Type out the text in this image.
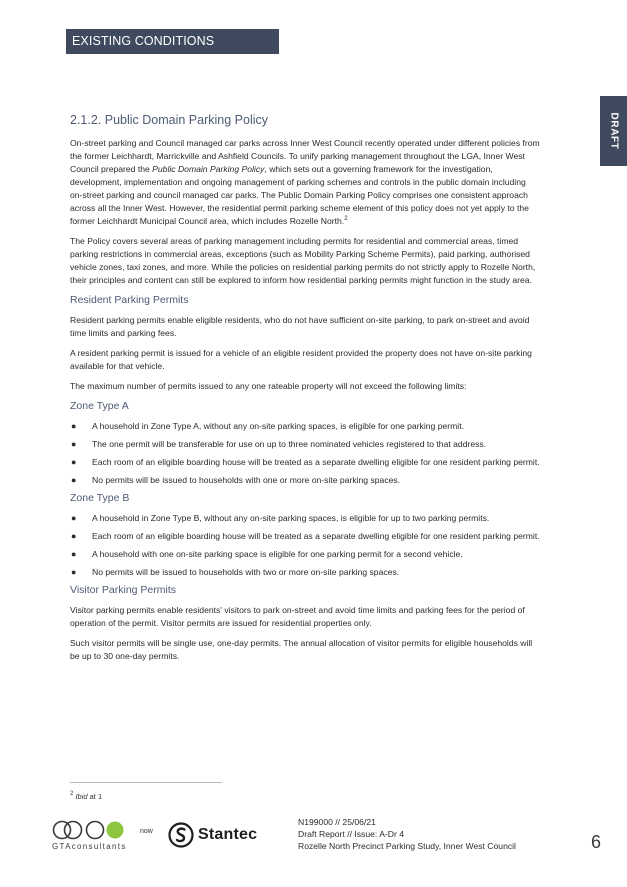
EXISTING CONDITIONS
DRAFT
2.1.2. Public Domain Parking Policy

On-street parking and Council managed car parks across Inner West Council recently operated under different policies from the former Leichhardt, Marrickville and Ashfield Councils. To unify parking management throughout the LGA, Inner West Council prepared the Public Domain Parking Policy, which sets out a governing framework for the investigation, development, implementation and ongoing management of parking schemes and controls in the public domain including on-street parking and council managed car parks. The Public Domain Parking Policy comprises one consistent approach across all the Inner West. However, the residential permit parking scheme element of this policy does not yet apply to the former Leichhardt Municipal Council area, which includes Rozelle North.$^2$

The Policy covers several areas of parking management including permits for residential and commercial areas, timed parking restrictions in commercial areas, exceptions (such as Mobility Parking Scheme Permits), paid parking, authorised vehicle zones, taxi zones, and more. While the policies on residential parking permits do not strictly apply to Rozelle North, their principles and content can still be explored to inform how residential parking permits might function in the study area.

Resident Parking Permits

Resident parking permits enable eligible residents, who do not have sufficient on-site parking, to park on-street and avoid time limits and parking fees.

A resident parking permit is issued for a vehicle of an eligible resident provided the property does not have on-site parking available for that vehicle.

The maximum number of permits issued to any one rateable property will not exceed the following limits:

Zone Type A
● A household in Zone Type A, without any on-site parking spaces, is eligible for one parking permit.
● The one permit will be transferable for use on up to three nominated vehicles registered to that address.
● Each room of an eligible boarding house will be treated as a separate dwelling eligible for one resident parking permit.
● No permits will be issued to households with one or more on-site parking spaces.
Zone Type B
● A household in Zone Type B, without any on-site parking spaces, is eligible for up to two parking permits.
● Each room of an eligible boarding house will be treated as a separate dwelling eligible for one resident parking permit.
● A household with one on-site parking space is eligible for one parking permit for a second vehicle.
● No permits will be issued to households with two or more on-site parking spaces.
Visitor Parking Permits

Visitor parking permits enable residents' visitors to park on-street and avoid time limits and parking fees for the period of operation of the permit. Visitor permits are issued for residential properties only.

Such visitor permits will be single use, one-day permits. The annual allocation of visitor permits for eligible households will be up to 30 one-day permits.

$^2$ Ibid at 1
GTAconsultants
now	Stantec
N199000 // 25/06/21
Draft Report // Issue: A-Dr 4
Rozelle North Precinct Parking Study, Inner West Council	6
